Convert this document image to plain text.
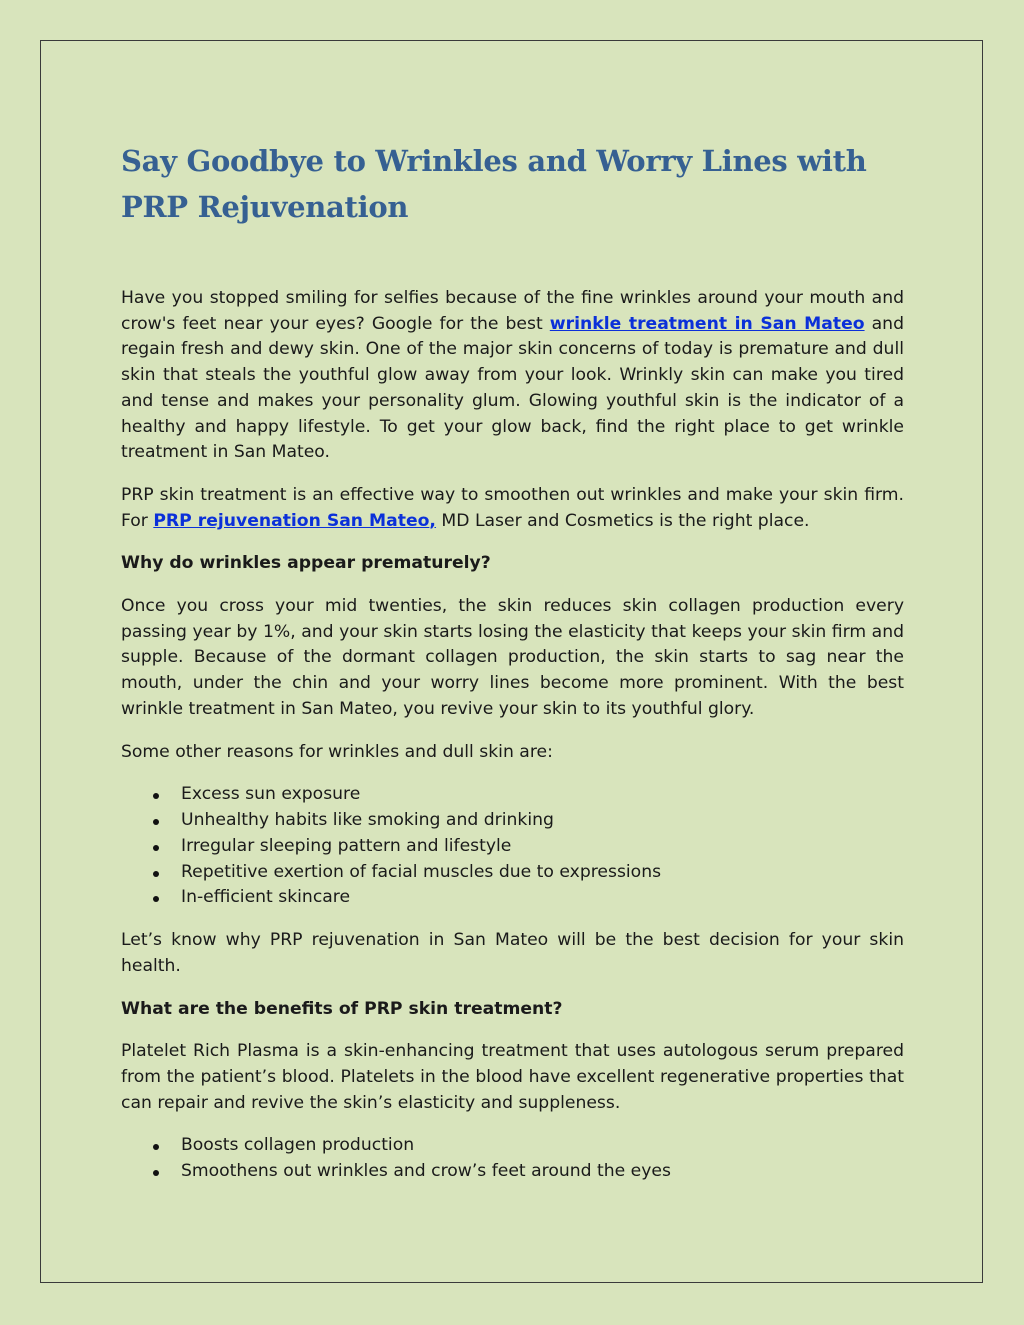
Say Goodbye to Wrinkles and Worry Lines with
PRP Rejuvenation

Have you stopped smiling for selfies because of the fine wrinkles around your mouth and crow's feet near your eyes? Google for the best wrinkle treatment in San Mateo and regain fresh and dewy skin. One of the major skin concerns of today is premature and dull skin that steals the youthful glow away from your look. Wrinkly skin can make you tired and tense and makes your personality glum. Glowing youthful skin is the indicator of a healthy and happy lifestyle. To get your glow back, find the right place to get wrinkle treatment in San Mateo.

PRP skin treatment is an effective way to smoothen out wrinkles and make your skin firm. For PRP rejuvenation San Mateo, MD Laser and Cosmetics is the right place.

Why do wrinkles appear prematurely?

Once you cross your mid twenties, the skin reduces skin collagen production every passing year by 1%, and your skin starts losing the elasticity that keeps your skin firm and supple. Because of the dormant collagen production, the skin starts to sag near the mouth, under the chin and your worry lines become more prominent. With the best wrinkle treatment in San Mateo, you revive your skin to its youthful glory.

Some other reasons for wrinkles and dull skin are:

Excess sun exposure
Unhealthy habits like smoking and drinking
Irregular sleeping pattern and lifestyle
Repetitive exertion of facial muscles due to expressions
In-efficient skincare

Let’s know why PRP rejuvenation in San Mateo will be the best decision for your skin health.

What are the benefits of PRP skin treatment?

Platelet Rich Plasma is a skin-enhancing treatment that uses autologous serum prepared from the patient’s blood. Platelets in the blood have excellent regenerative properties that can repair and revive the skin’s elasticity and suppleness.

Boosts collagen production
Smoothens out wrinkles and crow’s feet around the eyes
